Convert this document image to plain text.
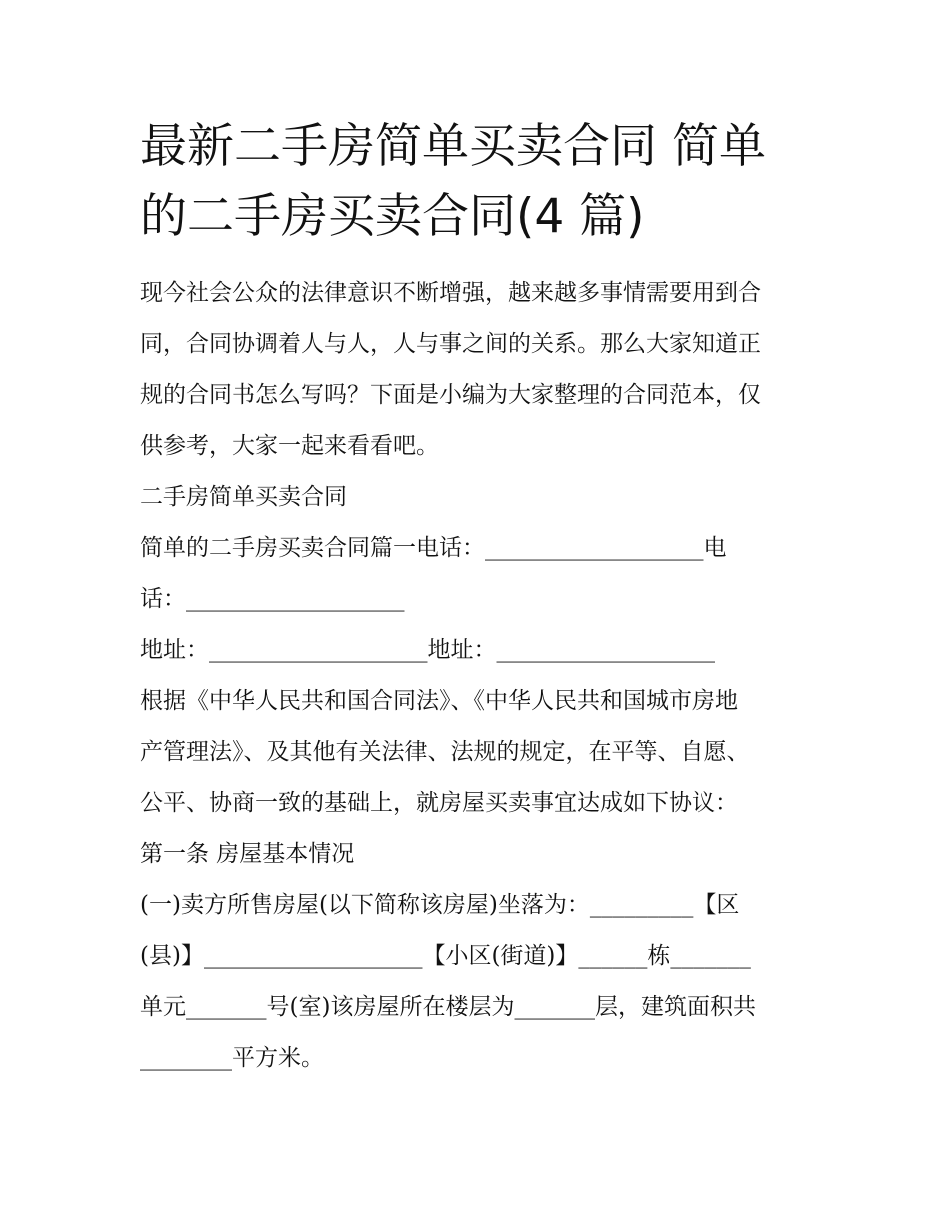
最新二手房简单买卖合同 简单
的二手房买卖合同(4 篇)

现今社会公众的法律意识不断增强，越来越多事情需要用到合

同，合同协调着人与人，人与事之间的关系。那么大家知道正

规的合同书怎么写吗？下面是小编为大家整理的合同范本，仅

供参考，大家一起来看看吧。

二手房简单买卖合同

简单的二手房买卖合同篇一电话：___________________电

话：___________________

地址：___________________地址：___________________

根据《中华人民共和国合同法》、《中华人民共和国城市房地

产管理法》、及其他有关法律、法规的规定，在平等、自愿、

公平、协商一致的基础上，就房屋买卖事宜达成如下协议：

第一条 房屋基本情况

(一)卖方所售房屋(以下简称该房屋)坐落为：_________【区

(县)】___________________【小区(街道)】______栋_______

单元_______号(室)该房屋所在楼层为_______层，建筑面积共

________平方米。
